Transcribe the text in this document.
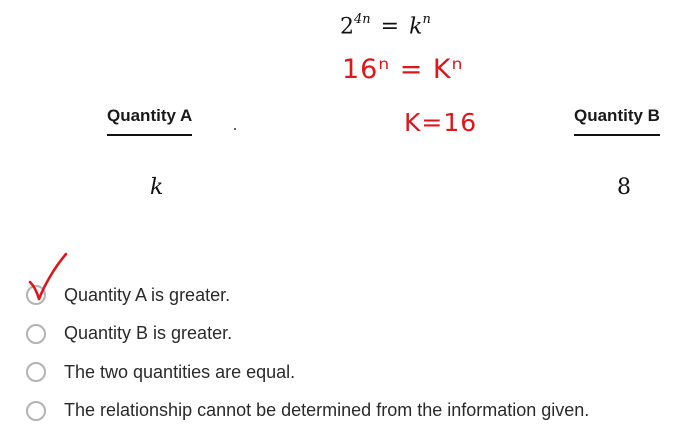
$2^{4n} = k^n$
16ⁿ = Kⁿ
K=16
Quantity A	Quantity B
k	8
Quantity A is greater.
Quantity B is greater.
The two quantities are equal.
The relationship cannot be determined from the information given.
